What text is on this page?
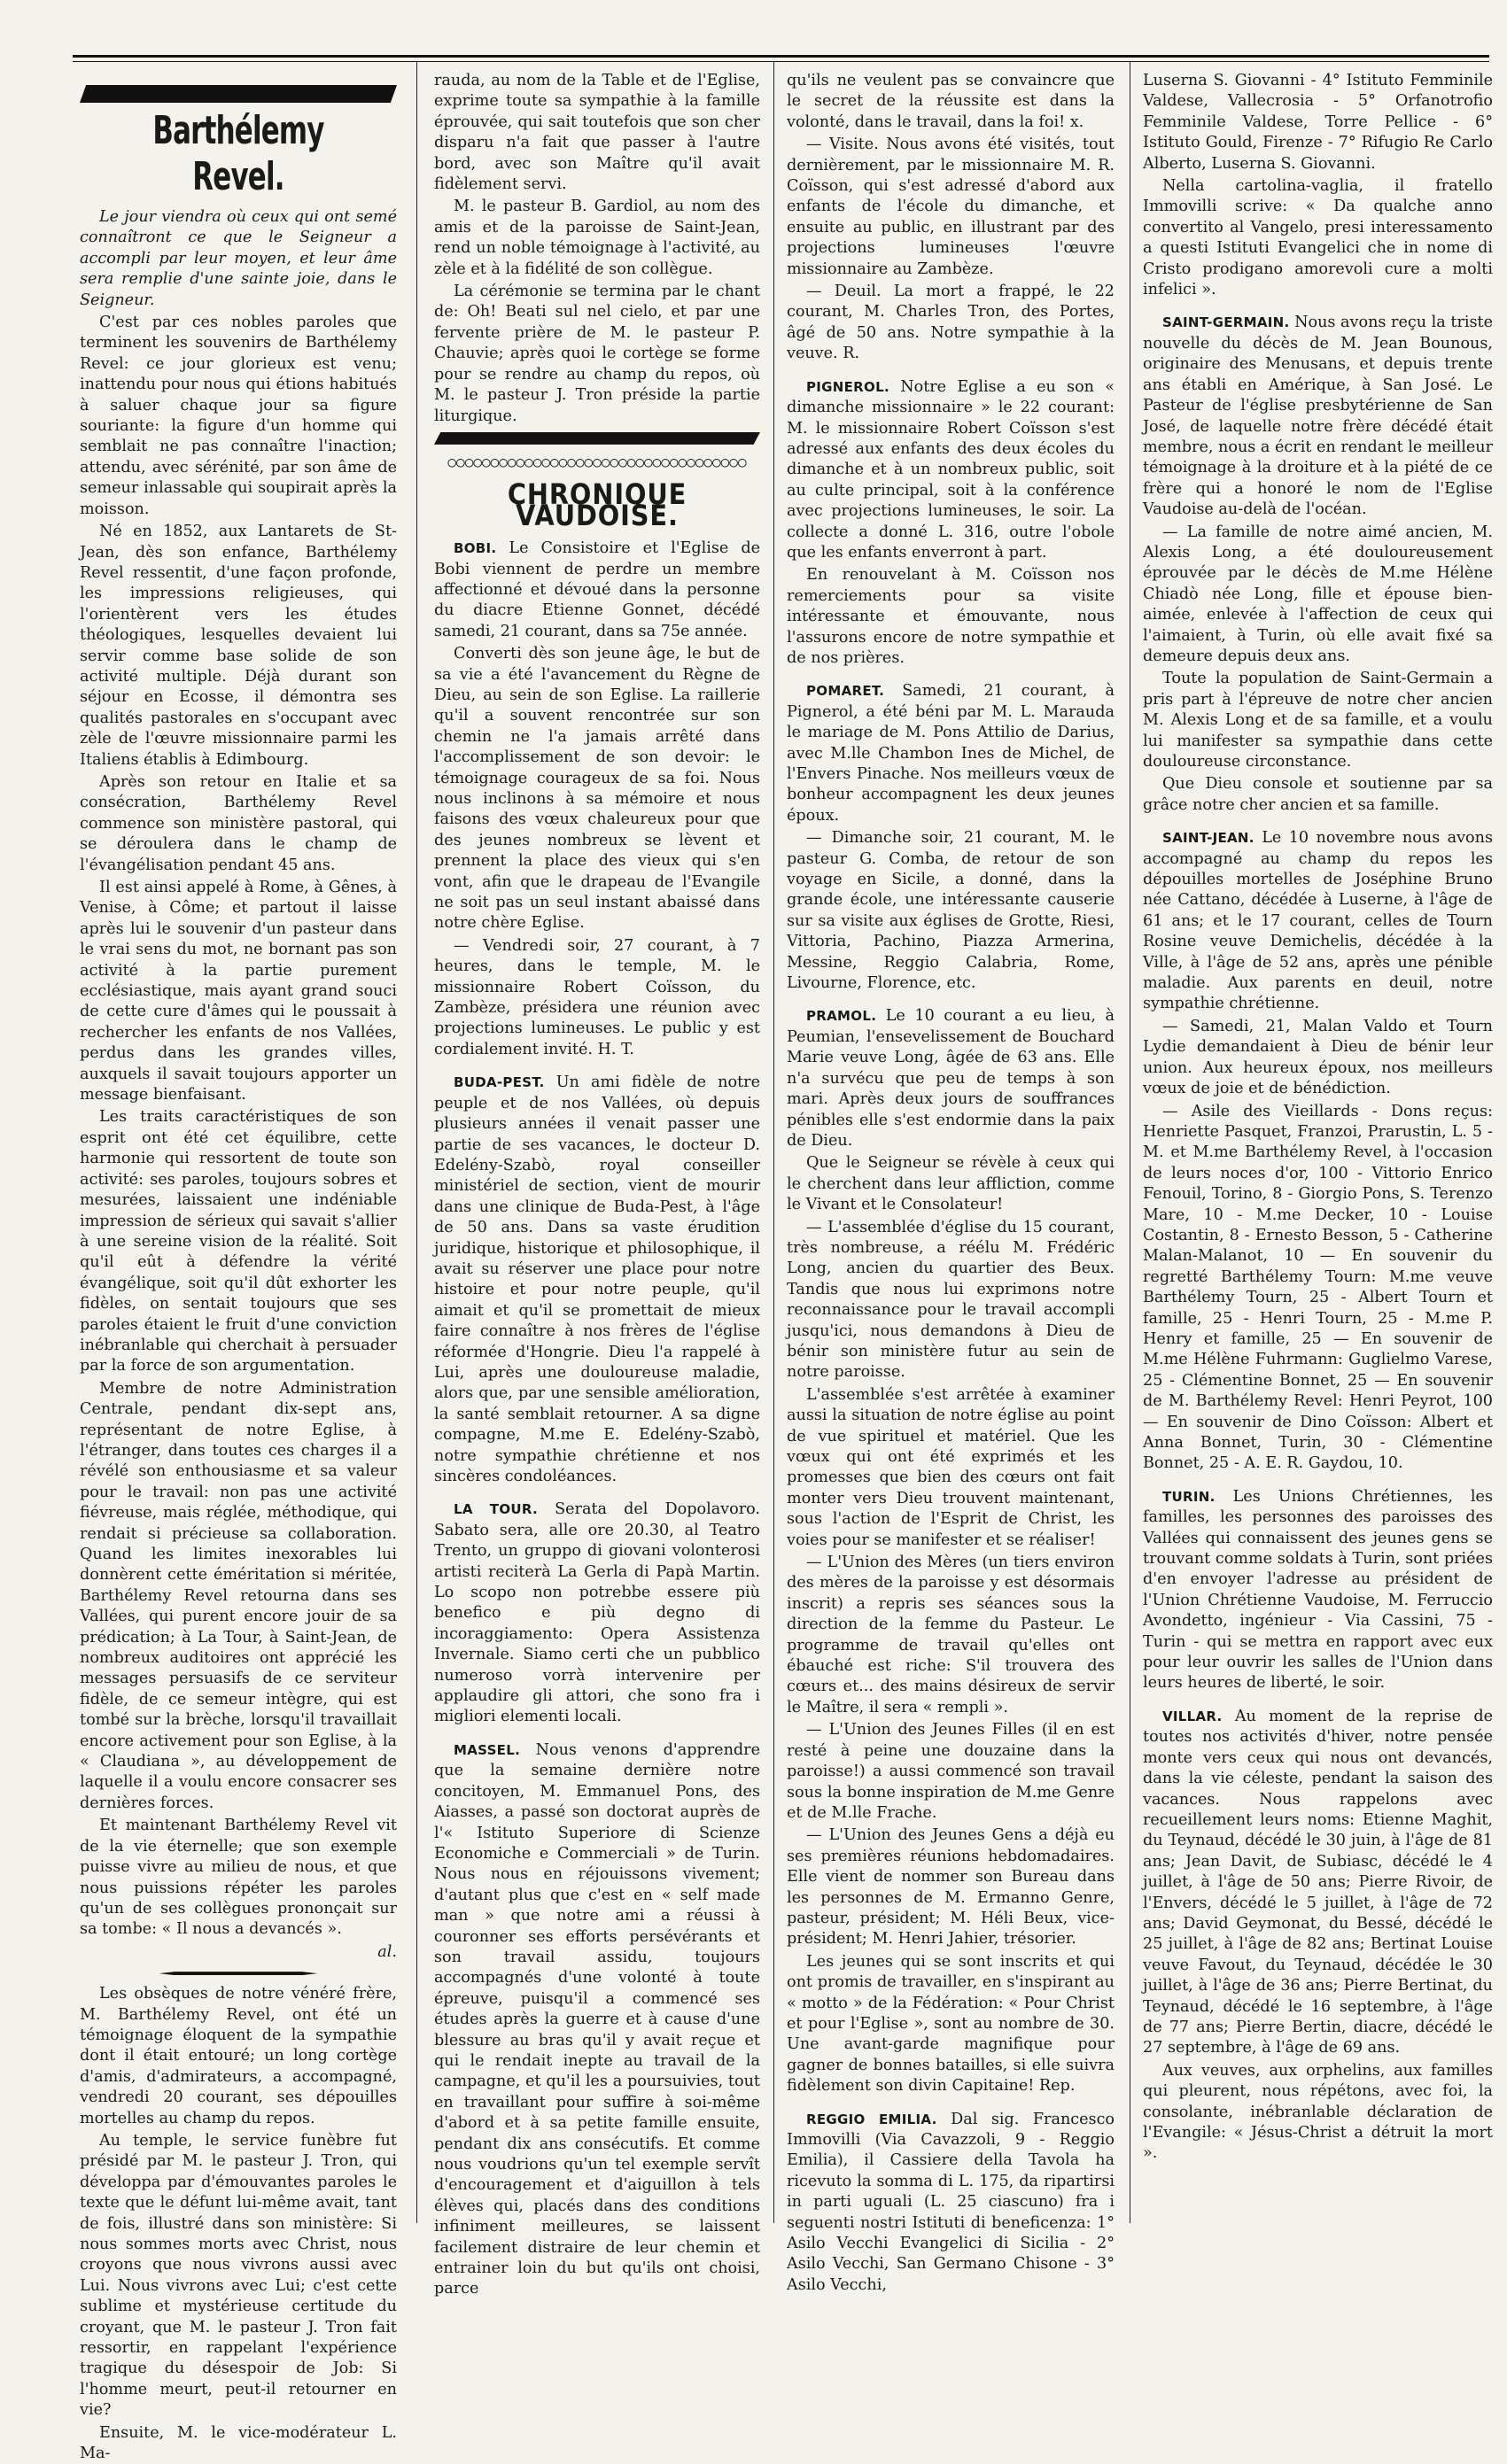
Barthélemy Revel.

Le jour viendra où ceux qui ont semé connaîtront ce que le Seigneur a accompli par leur moyen, et leur âme sera remplie d'une sainte joie, dans le Seigneur.

C'est par ces nobles paroles que terminent les souvenirs de Barthélemy Revel: ce jour glorieux est venu; inattendu pour nous qui étions habitués à saluer chaque jour sa figure souriante: la figure d'un homme qui semblait ne pas connaître l'inaction; attendu, avec sérénité, par son âme de semeur inlassable qui soupirait après la moisson.

Né en 1852, aux Lantarets de St-Jean, dès son enfance, Barthélemy Revel ressentit, d'une façon profonde, les impressions religieuses, qui l'orientèrent vers les études théologiques, lesquelles devaient lui servir comme base solide de son activité multiple. Déjà durant son séjour en Ecosse, il démontra ses qualités pastorales en s'occupant avec zèle de l'œuvre missionnaire parmi les Italiens établis à Edimbourg.

Après son retour en Italie et sa consécration, Barthélemy Revel commence son ministère pastoral, qui se déroulera dans le champ de l'évangélisation pendant 45 ans.

Il est ainsi appelé à Rome, à Gênes, à Venise, à Côme; et partout il laisse après lui le souvenir d'un pasteur dans le vrai sens du mot, ne bornant pas son activité à la partie purement ecclésiastique, mais ayant grand souci de cette cure d'âmes qui le poussait à rechercher les enfants de nos Vallées, perdus dans les grandes villes, auxquels il savait toujours apporter un message bienfaisant.

Les traits caractéristiques de son esprit ont été cet équilibre, cette harmonie qui ressortent de toute son activité: ses paroles, toujours sobres et mesurées, laissaient une indéniable impression de sérieux qui savait s'allier à une sereine vision de la réalité. Soit qu'il eût à défendre la vérité évangélique, soit qu'il dût exhorter les fidèles, on sentait toujours que ses paroles étaient le fruit d'une conviction inébranlable qui cherchait à persuader par la force de son argumentation.

Membre de notre Administration Centrale, pendant dix-sept ans, représentant de notre Eglise, à l'étranger, dans toutes ces charges il a révélé son enthousiasme et sa valeur pour le travail: non pas une activité fiévreuse, mais réglée, méthodique, qui rendait si précieuse sa collaboration. Quand les limites inexorables lui donnèrent cette éméritation si méritée, Barthélemy Revel retourna dans ses Vallées, qui purent encore jouir de sa prédication; à La Tour, à Saint-Jean, de nombreux auditoires ont apprécié les messages persuasifs de ce serviteur fidèle, de ce semeur intègre, qui est tombé sur la brèche, lorsqu'il travaillait encore activement pour son Eglise, à la « Claudiana », au développement de laquelle il a voulu encore consacrer ses dernières forces.

Et maintenant Barthélemy Revel vit de la vie éternelle; que son exemple puisse vivre au milieu de nous, et que nous puissions répéter les paroles qu'un de ses collègues prononçait sur sa tombe: « Il nous a devancés ».

al.

Les obsèques de notre vénéré frère, M. Barthélemy Revel, ont été un témoignage éloquent de la sympathie dont il était entouré; un long cortège d'amis, d'admirateurs, a accompagné, vendredi 20 courant, ses dépouilles mortelles au champ du repos.

Au temple, le service funèbre fut présidé par M. le pasteur J. Tron, qui développa par d'émouvantes paroles le texte que le défunt lui-même avait, tant de fois, illustré dans son ministère: Si nous sommes morts avec Christ, nous croyons que nous vivrons aussi avec Lui. Nous vivrons avec Lui; c'est cette sublime et mystérieuse certitude du croyant, que M. le pasteur J. Tron fait ressortir, en rappelant l'expérience tragique du désespoir de Job: Si l'homme meurt, peut-il retourner en vie?

Ensuite, M. le vice-modérateur L. Ma-

rauda, au nom de la Table et de l'Eglise, exprime toute sa sympathie à la famille éprouvée, qui sait toutefois que son cher disparu n'a fait que passer à l'autre bord, avec son Maître qu'il avait fidèlement servi.

M. le pasteur B. Gardiol, au nom des amis et de la paroisse de Saint-Jean, rend un noble témoignage à l'activité, au zèle et à la fidélité de son collègue.

La cérémonie se termina par le chant de: Oh! Beati sul nel cielo, et par une fervente prière de M. le pasteur P. Chauvie; après quoi le cortège se forme pour se rendre au champ du repos, où M. le pasteur J. Tron préside la partie liturgique.

○○○○○○○○○○○○○○○○○○○○○○○○○○○○○○○○○○○
CHRONIQUE VAUDOISE.

BOBI. Le Consistoire et l'Eglise de Bobi viennent de perdre un membre affectionné et dévoué dans la personne du diacre Etienne Gonnet, décédé samedi, 21 courant, dans sa 75e année.

Converti dès son jeune âge, le but de sa vie a été l'avancement du Règne de Dieu, au sein de son Eglise. La raillerie qu'il a souvent rencontrée sur son chemin ne l'a jamais arrêté dans l'accomplissement de son devoir: le témoignage courageux de sa foi. Nous nous inclinons à sa mémoire et nous faisons des vœux chaleureux pour que des jeunes nombreux se lèvent et prennent la place des vieux qui s'en vont, afin que le drapeau de l'Evangile ne soit pas un seul instant abaissé dans notre chère Eglise.

— Vendredi soir, 27 courant, à 7 heures, dans le temple, M. le missionnaire Robert Coïsson, du Zambèze, présidera une réunion avec projections lumineuses. Le public y est cordialement invité. H. T.

BUDA-PEST. Un ami fidèle de notre peuple et de nos Vallées, où depuis plusieurs années il venait passer une partie de ses vacances, le docteur D. Edelény-Szabò, royal conseiller ministériel de section, vient de mourir dans une clinique de Buda-Pest, à l'âge de 50 ans. Dans sa vaste érudition juridique, historique et philosophique, il avait su réserver une place pour notre histoire et pour notre peuple, qu'il aimait et qu'il se promettait de mieux faire connaître à nos frères de l'église réformée d'Hongrie. Dieu l'a rappelé à Lui, après une douloureuse maladie, alors que, par une sensible amélioration, la santé semblait retourner. A sa digne compagne, M.me E. Edelény-Szabò, notre sympathie chrétienne et nos sincères condoléances.

LA TOUR. Serata del Dopolavoro. Sabato sera, alle ore 20.30, al Teatro Trento, un gruppo di giovani volonterosi artisti reciterà La Gerla di Papà Martin. Lo scopo non potrebbe essere più benefico e più degno di incoraggiamento: Opera Assistenza Invernale. Siamo certi che un pubblico numeroso vorrà intervenire per applaudire gli attori, che sono fra i migliori elementi locali.

MASSEL. Nous venons d'apprendre que la semaine dernière notre concitoyen, M. Emmanuel Pons, des Aiasses, a passé son doctorat auprès de l'« Istituto Superiore di Scienze Economiche e Commerciali » de Turin. Nous nous en réjouissons vivement; d'autant plus que c'est en « self made man » que notre ami a réussi à couronner ses efforts persévérants et son travail assidu, toujours accompagnés d'une volonté à toute épreuve, puisqu'il a commencé ses études après la guerre et à cause d'une blessure au bras qu'il y avait reçue et qui le rendait inepte au travail de la campagne, et qu'il les a poursuivies, tout en travaillant pour suffire à soi-même d'abord et à sa petite famille ensuite, pendant dix ans consécutifs. Et comme nous voudrions qu'un tel exemple servît d'encouragement et d'aiguillon à tels élèves qui, placés dans des conditions infiniment meilleures, se laissent facilement distraire de leur chemin et entrainer loin du but qu'ils ont choisi, parce

qu'ils ne veulent pas se convaincre que le secret de la réussite est dans la volonté, dans le travail, dans la foi! x.

— Visite. Nous avons été visités, tout dernièrement, par le missionnaire M. R. Coïsson, qui s'est adressé d'abord aux enfants de l'école du dimanche, et ensuite au public, en illustrant par des projections lumineuses l'œuvre missionnaire au Zambèze.

— Deuil. La mort a frappé, le 22 courant, M. Charles Tron, des Portes, âgé de 50 ans. Notre sympathie à la veuve. R.

PIGNEROL. Notre Eglise a eu son « dimanche missionnaire » le 22 courant: M. le missionnaire Robert Coïsson s'est adressé aux enfants des deux écoles du dimanche et à un nombreux public, soit au culte principal, soit à la conférence avec projections lumineuses, le soir. La collecte a donné L. 316, outre l'obole que les enfants enverront à part.

En renouvelant à M. Coïsson nos remerciements pour sa visite intéressante et émouvante, nous l'assurons encore de notre sympathie et de nos prières.

POMARET. Samedi, 21 courant, à Pignerol, a été béni par M. L. Marauda le mariage de M. Pons Attilio de Darius, avec M.lle Chambon Ines de Michel, de l'Envers Pinache. Nos meilleurs vœux de bonheur accompagnent les deux jeunes époux.

— Dimanche soir, 21 courant, M. le pasteur G. Comba, de retour de son voyage en Sicile, a donné, dans la grande école, une intéressante causerie sur sa visite aux églises de Grotte, Riesi, Vittoria, Pachino, Piazza Armerina, Messine, Reggio Calabria, Rome, Livourne, Florence, etc.

PRAMOL. Le 10 courant a eu lieu, à Peumian, l'ensevelissement de Bouchard Marie veuve Long, âgée de 63 ans. Elle n'a survécu que peu de temps à son mari. Après deux jours de souffrances pénibles elle s'est endormie dans la paix de Dieu.

Que le Seigneur se révèle à ceux qui le cherchent dans leur affliction, comme le Vivant et le Consolateur!

— L'assemblée d'église du 15 courant, très nombreuse, a réélu M. Frédéric Long, ancien du quartier des Beux. Tandis que nous lui exprimons notre reconnaissance pour le travail accompli jusqu'ici, nous demandons à Dieu de bénir son ministère futur au sein de notre paroisse.

L'assemblée s'est arrêtée à examiner aussi la situation de notre église au point de vue spirituel et matériel. Que les vœux qui ont été exprimés et les promesses que bien des cœurs ont fait monter vers Dieu trouvent maintenant, sous l'action de l'Esprit de Christ, les voies pour se manifester et se réaliser!

— L'Union des Mères (un tiers environ des mères de la paroisse y est désormais inscrit) a repris ses séances sous la direction de la femme du Pasteur. Le programme de travail qu'elles ont ébauché est riche: S'il trouvera des cœurs et... des mains désireux de servir le Maître, il sera « rempli ».

— L'Union des Jeunes Filles (il en est resté à peine une douzaine dans la paroisse!) a aussi commencé son travail sous la bonne inspiration de M.me Genre et de M.lle Frache.

— L'Union des Jeunes Gens a déjà eu ses premières réunions hebdomadaires. Elle vient de nommer son Bureau dans les personnes de M. Ermanno Genre, pasteur, président; M. Héli Beux, vice-président; M. Henri Jahier, trésorier.

Les jeunes qui se sont inscrits et qui ont promis de travailler, en s'inspirant au « motto » de la Fédération: « Pour Christ et pour l'Eglise », sont au nombre de 30. Une avant-garde magnifique pour gagner de bonnes batailles, si elle suivra fidèlement son divin Capitaine! Rep.

REGGIO EMILIA. Dal sig. Francesco Immovilli (Via Cavazzoli, 9 - Reggio Emilia), il Cassiere della Tavola ha ricevuto la somma di L. 175, da ripartirsi in parti uguali (L. 25 ciascuno) fra i seguenti nostri Istituti di beneficenza: 1° Asilo Vecchi Evangelici di Sicilia - 2° Asilo Vecchi, San Germano Chisone - 3° Asilo Vecchi,

Luserna S. Giovanni - 4° Istituto Femminile Valdese, Vallecrosia - 5° Orfanotrofio Femminile Valdese, Torre Pellice - 6° Istituto Gould, Firenze - 7° Rifugio Re Carlo Alberto, Luserna S. Giovanni.

Nella cartolina-vaglia, il fratello Immovilli scrive: « Da qualche anno convertito al Vangelo, presi interessamento a questi Istituti Evangelici che in nome di Cristo prodigano amorevoli cure a molti infelici ».

SAINT-GERMAIN. Nous avons reçu la triste nouvelle du décès de M. Jean Bounous, originaire des Menusans, et depuis trente ans établi en Amérique, à San José. Le Pasteur de l'église presbytérienne de San José, de laquelle notre frère décédé était membre, nous a écrit en rendant le meilleur témoignage à la droiture et à la piété de ce frère qui a honoré le nom de l'Eglise Vaudoise au-delà de l'océan.

— La famille de notre aimé ancien, M. Alexis Long, a été douloureusement éprouvée par le décès de M.me Hélène Chiadò née Long, fille et épouse bien-aimée, enlevée à l'affection de ceux qui l'aimaient, à Turin, où elle avait fixé sa demeure depuis deux ans.

Toute la population de Saint-Germain a pris part à l'épreuve de notre cher ancien M. Alexis Long et de sa famille, et a voulu lui manifester sa sympathie dans cette douloureuse circonstance.

Que Dieu console et soutienne par sa grâce notre cher ancien et sa famille.

SAINT-JEAN. Le 10 novembre nous avons accompagné au champ du repos les dépouilles mortelles de Joséphine Bruno née Cattano, décédée à Luserne, à l'âge de 61 ans; et le 17 courant, celles de Tourn Rosine veuve Demichelis, décédée à la Ville, à l'âge de 52 ans, après une pénible maladie. Aux parents en deuil, notre sympathie chrétienne.

— Samedi, 21, Malan Valdo et Tourn Lydie demandaient à Dieu de bénir leur union. Aux heureux époux, nos meilleurs vœux de joie et de bénédiction.

— Asile des Vieillards - Dons reçus: Henriette Pasquet, Franzoi, Prarustin, L. 5 - M. et M.me Barthélemy Revel, à l'occasion de leurs noces d'or, 100 - Vittorio Enrico Fenouil, Torino, 8 - Giorgio Pons, S. Terenzo Mare, 10 - M.me Decker, 10 - Louise Costantin, 8 - Ernesto Besson, 5 - Catherine Malan-Malanot, 10 — En souvenir du regretté Barthélemy Tourn: M.me veuve Barthélemy Tourn, 25 - Albert Tourn et famille, 25 - Henri Tourn, 25 - M.me P. Henry et famille, 25 — En souvenir de M.me Hélène Fuhrmann: Guglielmo Varese, 25 - Clémentine Bonnet, 25 — En souvenir de M. Barthélemy Revel: Henri Peyrot, 100 — En souvenir de Dino Coïsson: Albert et Anna Bonnet, Turin, 30 - Clémentine Bonnet, 25 - A. E. R. Gaydou, 10.

TURIN. Les Unions Chrétiennes, les familles, les personnes des paroisses des Vallées qui connaissent des jeunes gens se trouvant comme soldats à Turin, sont priées d'en envoyer l'adresse au président de l'Union Chrétienne Vaudoise, M. Ferruccio Avondetto, ingénieur - Via Cassini, 75 - Turin - qui se mettra en rapport avec eux pour leur ouvrir les salles de l'Union dans leurs heures de liberté, le soir.

VILLAR. Au moment de la reprise de toutes nos activités d'hiver, notre pensée monte vers ceux qui nous ont devancés, dans la vie céleste, pendant la saison des vacances. Nous rappelons avec recueillement leurs noms: Etienne Maghit, du Teynaud, décédé le 30 juin, à l'âge de 81 ans; Jean Davit, de Subiasc, décédé le 4 juillet, à l'âge de 50 ans; Pierre Rivoir, de l'Envers, décédé le 5 juillet, à l'âge de 72 ans; David Geymonat, du Bessé, décédé le 25 juillet, à l'âge de 82 ans; Bertinat Louise veuve Favout, du Teynaud, décédée le 30 juillet, à l'âge de 36 ans; Pierre Bertinat, du Teynaud, décédé le 16 septembre, à l'âge de 77 ans; Pierre Bertin, diacre, décédé le 27 septembre, à l'âge de 69 ans.

Aux veuves, aux orphelins, aux familles qui pleurent, nous répétons, avec foi, la consolante, inébranlable déclaration de l'Evangile: « Jésus-Christ a détruit la mort ».
